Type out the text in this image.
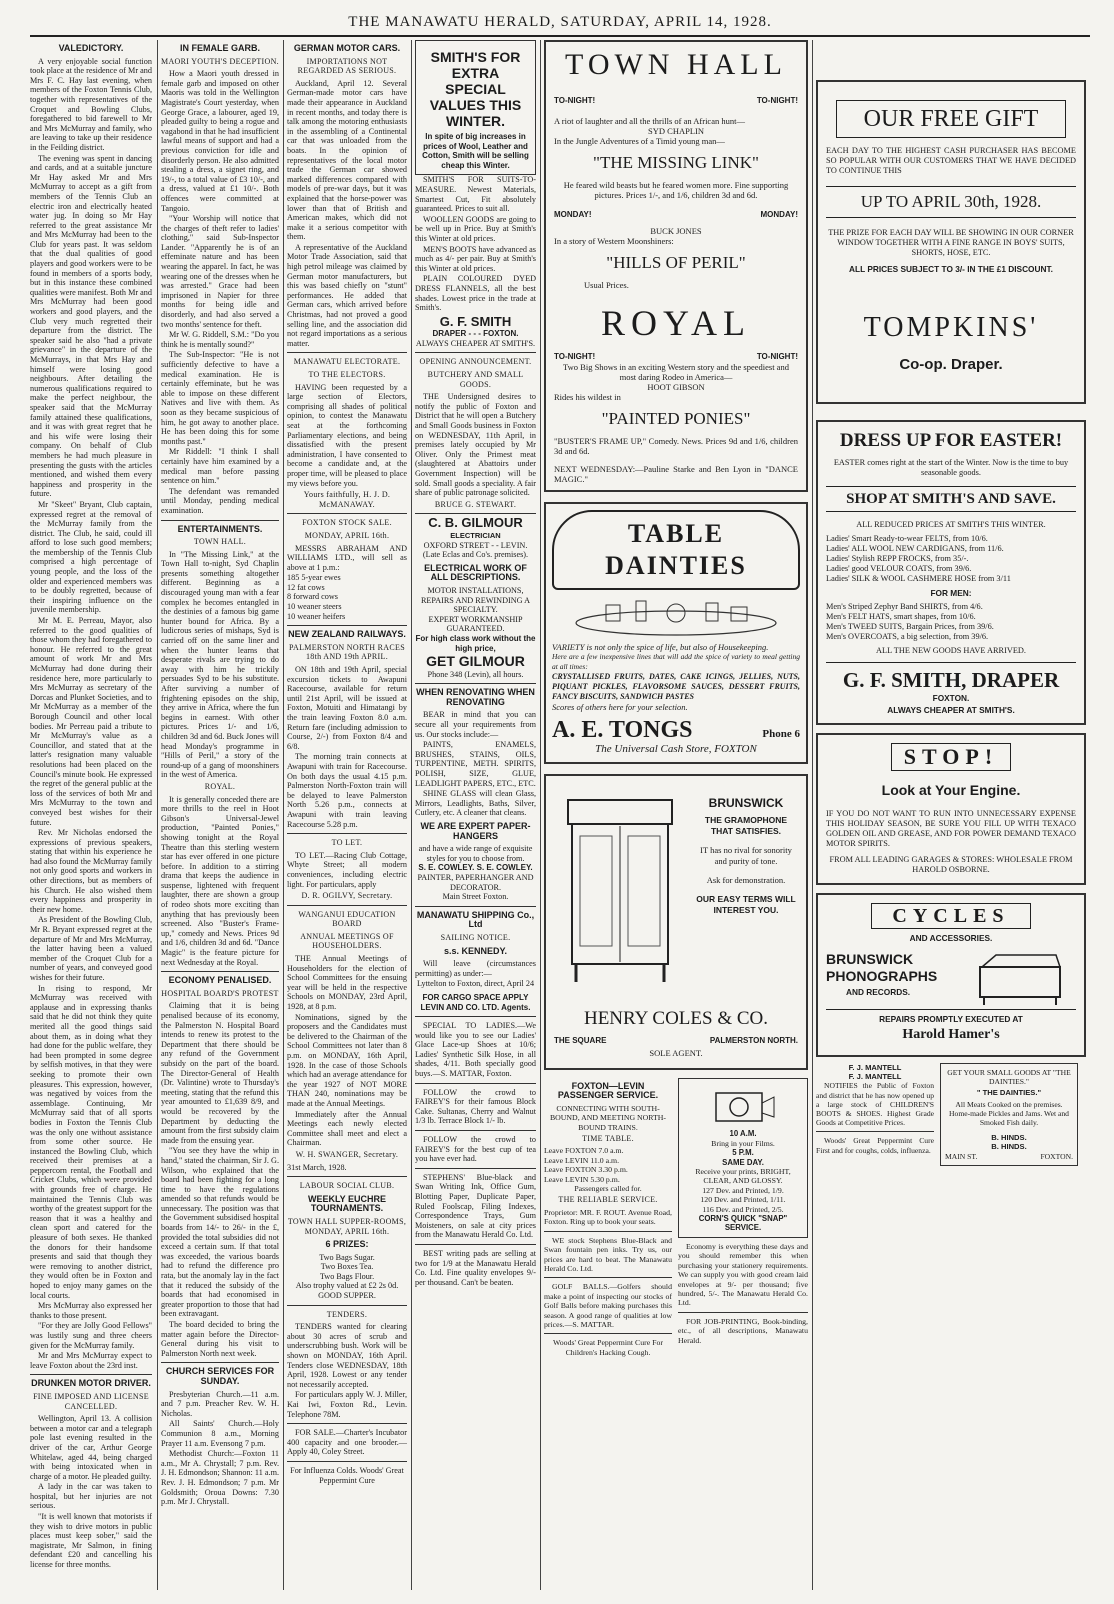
THE MANAWATU HERALD, SATURDAY, APRIL 14, 1928.
VALEDICTORY.

A very enjoyable social function took place at the residence of Mr and Mrs F. C. Hay last evening, when members of the Foxton Tennis Club, together with representatives of the Croquet and Bowling Clubs, foregathered to bid farewell to Mr and Mrs McMurray and family, who are leaving to take up their residence in the Feilding district.

The evening was spent in dancing and cards, and at a suitable juncture Mr Hay asked Mr and Mrs McMurray to accept as a gift from members of the Tennis Club an electric iron and electrically heated water jug. In doing so Mr Hay referred to the great assistance Mr and Mrs McMurray had been to the Club for years past. It was seldom that the dual qualities of good players and good workers were to be found in members of a sports body, but in this instance these combined qualities were manifest. Both Mr and Mrs McMurray had been good workers and good players, and the Club very much regretted their departure from the district. The speaker said he also "had a private grievance" in the departure of the McMurrays, in that Mrs Hay and himself were losing good neighbours. After detailing the numerous qualifications required to make the perfect neighbour, the speaker said that the McMurray family attained these qualifications, and it was with great regret that he and his wife were losing their company. On behalf of Club members he had much pleasure in presenting the gusts with the articles mentioned, and wished them every happiness and prosperity in the future.

Mr "Skeet" Bryant, Club captain, expressed regret at the removal of the McMurray family from the district. The Club, he said, could ill afford to lose such good members; the membership of the Tennis Club comprised a high percentage of young people, and the loss of the older and experienced members was to be doubly regretted, because of their inspiring influence on the juvenile membership.

Mr M. E. Perreau, Mayor, also referred to the good qualities of those whom they had foregathered to honour. He referred to the great amount of work Mr and Mrs McMurray had done during their residence here, more particularly to Mrs McMurray as secretary of the Dorcas and Plunket Societies, and to Mr McMurray as a member of the Borough Council and other local bodies. Mr Perreau paid a tribute to Mr McMurray's value as a Councillor, and stated that at the latter's resignation many valuable resolutions had been placed on the Council's minute book. He expressed the regret of the general public at the loss of the services of both Mr and Mrs McMurray to the town and conveyed best wishes for their future.

Rev. Mr Nicholas endorsed the expressions of previous speakers, stating that within his experience he had also found the McMurray family not only good sports and workers in other directions, but as members of his Church. He also wished them every happiness and prosperity in their new home.

As President of the Bowling Club, Mr R. Bryant expressed regret at the departure of Mr and Mrs McMurray, the latter having been a valued member of the Croquet Club for a number of years, and conveyed good wishes for their future.

In rising to respond, Mr McMurray was received with applause and in expressing thanks said that he did not think they quite merited all the good things said about them, as in doing what they had done for the public welfare, they had been prompted in some degree by selfish motives, in that they were seeking to promote their own pleasures. This expression, however, was negatived by voices from the assemblage. Continuing, Mr McMurray said that of all sports bodies in Foxton the Tennis Club was the only one without assistance from some other source. He instanced the Bowling Club, which received their premises at a peppercorn rental, the Football and Cricket Clubs, which were provided with grounds free of charge. He maintained the Tennis Club was worthy of the greatest support for the reason that it was a healthy and clean sport and catered for the pleasure of both sexes. He thanked the donors for their handsome presents and said that though they were removing to another district, they would often be in Foxton and hoped to enjoy many games on the local courts.

Mrs McMurray also expressed her thanks to those present.

"For they are Jolly Good Fellows" was lustily sung and three cheers given for the McMurray family.

Mr and Mrs McMurray expect to leave Foxton about the 23rd inst.

DRUNKEN MOTOR DRIVER.
FINE IMPOSED AND LICENSE CANCELLED.

Wellington, April 13. A collision between a motor car and a telegraph pole last evening resulted in the driver of the car, Arthur George Whitelaw, aged 44, being charged with being intoxicated when in charge of a motor. He pleaded guilty.

A lady in the car was taken to hospital, but her injuries are not serious.

"It is well known that motorists if they wish to drive motors in public places must keep sober," said the magistrate, Mr Salmon, in fining defendant £20 and cancelling his license for three months.

IN FEMALE GARB.
MAORI YOUTH'S DECEPTION.

How a Maori youth dressed in female garb and imposed on other Maoris was told in the Wellington Magistrate's Court yesterday, when George Grace, a labourer, aged 19, pleaded guilty to being a rogue and vagabond in that he had insufficient lawful means of support and had a previous conviction for idle and disorderly person. He also admitted stealing a dress, a signet ring, and 19/-, to a total value of £3 10/-, and a dress, valued at £1 10/-. Both offences were committed at Tangoio.

"Your Worship will notice that the charges of theft refer to ladies' clothing," said Sub-Inspector Lander. "Apparently he is of an effeminate nature and has been wearing the apparel. In fact, he was wearing one of the dresses when he was arrested." Grace had been imprisoned in Napier for three months for being idle and disorderly, and had also served a two months' sentence for theft.

Mr W. G. Riddell, S.M.: "Do you think he is mentally sound?"

The Sub-Inspector: "He is not sufficiently defective to have a medical examination. He is certainly effeminate, but he was able to impose on these different Natives and live with them. As soon as they became suspicious of him, he got away to another place. He has been doing this for some months past."

Mr Riddell: "I think I shall certainly have him examined by a medical man before passing sentence on him."

The defendant was remanded until Monday, pending medical examination.

ENTERTAINMENTS.
TOWN HALL.

In "The Missing Link," at the Town Hall to-night, Syd Chaplin presents something altogether different. Beginning as a discouraged young man with a fear complex he becomes entangled in the destinies of a famous big game hunter bound for Africa. By a ludicrous series of mishaps, Syd is carried off on the same liner and when the hunter learns that desperate rivals are trying to do away with him he trickily persuades Syd to be his substitute. After surviving a number of frightening episodes on the ship, they arrive in Africa, where the fun begins in earnest. With other pictures. Prices 1/- and 1/6, children 3d and 6d. Buck Jones will head Monday's programme in "Hills of Peril," a story of the round-up of a gang of moonshiners in the west of America.

ROYAL.

It is generally conceded there are more thrills to the reel in Hoot Gibson's Universal-Jewel production, "Painted Ponies," showing tonight at the Royal Theatre than this sterling western star has ever offered in one picture before. In addition to a stirring drama that keeps the audience in suspense, lightened with frequent laughter, there are shown a group of rodeo shots more exciting than anything that has previously been screened. Also "Buster's Frame-up," comedy and News. Prices 9d and 1/6, children 3d and 6d. "Dance Magic" is the feature picture for next Wednesday at the Royal.

ECONOMY PENALISED.
HOSPITAL BOARD'S PROTEST

Claiming that it is being penalised because of its economy, the Palmerston N. Hospital Board intends to renew its protest to the Department that there should be any refund of the Government subsidy on the part of the board. The Director-General of Health (Dr. Valintine) wrote to Thursday's meeting, stating that the refund this year amounted to £1,639 8/9, and would be recovered by the Department by deducting the amount from the first subsidy claim made from the ensuing year.

"You see they have the whip in hand," stated the chairman, Sir J. G. Wilson, who explained that the board had been fighting for a long time to have the regulations amended so that refunds would be unnecessary. The position was that the Government subsidised hospital boards from 14/- to 26/- in the £, provided the total subsidies did not exceed a certain sum. If that total was exceeded, the various boards had to refund the difference pro rata, but the anomaly lay in the fact that it reduced the subsidy of the boards that had economised in greater proportion to those that had been extravagant.

The board decided to bring the matter again before the Director-General during his visit to Palmerston North next week.

CHURCH SERVICES FOR SUNDAY.

Presbyterian Church.—11 a.m. and 7 p.m. Preacher Rev. W. H. Nicholas.

All Saints' Church.—Holy Communion 8 a.m., Morning Prayer 11 a.m. Evensong 7 p.m.

Methodist Church:—Foxton 11 a.m., Mr A. Chrystall; 7 p.m. Rev. J. H. Edmondson; Shannon: 11 a.m. Rev. J. H. Edmondson; 7 p.m. Mr Goldsmith; Oroua Downs: 7.30 p.m. Mr J. Chrystall.

GERMAN MOTOR CARS.
IMPORTATIONS NOT REGARDED AS SERIOUS.

Auckland, April 12. Several German-made motor cars have made their appearance in Auckland in recent months, and today there is talk among the motoring enthusiasts in the assembling of a Continental car that was unloaded from the boats. In the opinion of representatives of the local motor trade the German car showed marked differences compared with models of pre-war days, but it was explained that the horse-power was lower than that of British and American makes, which did not make it a serious competitor with them.

A representative of the Auckland Motor Trade Association, said that high petrol mileage was claimed by German motor manufacturers, but this was based chiefly on "stunt" performances. He added that German cars, which arrived before Christmas, had not proved a good selling line, and the association did not regard importations as a serious matter.

MANAWATU ELECTORATE.
TO THE ELECTORS.

HAVING been requested by a large section of Electors, comprising all shades of political opinion, to contest the Manawatu seat at the forthcoming Parliamentary elections, and being dissatisfied with the present administration, I have consented to become a candidate and, at the proper time, will be pleased to place my views before you.

Yours faithfully, H. J. D. McMANAWAY.
FOXTON STOCK SALE.
MONDAY, APRIL 16th.

MESSRS ABRAHAM AND WILLIAMS LTD., will sell as above at 1 p.m.:

185 5-year ewes
12 fat cows
8 forward cows
10 weaner steers
10 weaner heifers
NEW ZEALAND RAILWAYS.
PALMERSTON NORTH RACES 18th AND 19th APRIL.

ON 18th and 19th April, special excursion tickets to Awapuni Racecourse, available for return until 21st April, will be issued at Foxton, Motuiti and Himatangi by the train leaving Foxton 8.0 a.m. Return fare (including admission to Course, 2/-) from Foxton 8/4 and 6/8.

The morning train connects at Awapuni with train for Racecourse. On both days the usual 4.15 p.m. Palmerston North-Foxton train will be delayed to leave Palmerston North 5.26 p.m., connects at Awapuni with train leaving Racecourse 5.28 p.m.

TO LET.

TO LET.—Racing Club Cottage, Whyte Street; all modern conveniences, including electric light. For particulars, apply

D. R. OGILVY, Secretary.
WANGANUI EDUCATION BOARD
ANNUAL MEETINGS OF HOUSEHOLDERS.

THE Annual Meetings of Householders for the election of School Committees for the ensuing year will be held in the respective Schools on MONDAY, 23rd April, 1928, at 8 p.m.

Nominations, signed by the proposers and the Candidates must be delivered to the Chairman of the School Committees not later than 8 p.m. on MONDAY, 16th April, 1928. In the case of those Schools which had an average attendance for the year 1927 of NOT MORE THAN 240, nominations may be made at the Annual Meetings.

Immediately after the Annual Meetings each newly elected Committee shall meet and elect a Chairman.

W. H. SWANGER, Secretary.
31st March, 1928.
LABOUR SOCIAL CLUB.
WEEKLY EUCHRE TOURNAMENTS.
TOWN HALL SUPPER-ROOMS, MONDAY, APRIL 16th.
6 PRIZES:
Two Bags Sugar.
Two Boxes Tea.
Two Bags Flour.
Also trophy valued at £2 2s 0d. GOOD SUPPER.
TENDERS.

TENDERS wanted for clearing about 30 acres of scrub and underscrubbing bush. Work will be shown on MONDAY, 16th April. Tenders close WEDNESDAY, 18th April, 1928. Lowest or any tender not necessarily accepted.

For particulars apply W. J. Miller, Kai Iwi, Foxton Rd., Levin. Telephone 78M.

FOR SALE.—Charter's Incubator 400 capacity and one brooder.—Apply 40, Coley Street.

For Influenza Colds. Woods' Great Peppermint Cure
SMITH'S FOR EXTRA SPECIAL VALUES THIS WINTER.
In spite of big increases in prices of Wool, Leather and Cotton, Smith will be selling cheap this Winter.

SMITH'S FOR SUITS-TO-MEASURE. Newest Materials, Smartest Cut, Fit absolutely guaranteed. Prices to suit all.

WOOLLEN GOODS are going to be well up in Price. Buy at Smith's this Winter at old prices.

MEN'S BOOTS have advanced as much as 4/- per pair. Buy at Smith's this Winter at old prices.

PLAIN COLOURED DYED DRESS FLANNELS, all the best shades. Lowest price in the trade at Smith's.

G. F. SMITH
DRAPER - - - FOXTON.
ALWAYS CHEAPER AT SMITH'S.
OPENING ANNOUNCEMENT.
BUTCHERY AND SMALL GOODS.

THE Undersigned desires to notify the public of Foxton and District that he will open a Butchery and Small Goods business in Foxton on WEDNESDAY, 11th April, in premises lately occupied by Mr Oliver. Only the Primest meat (slaughtered at Abattoirs under Government Inspection) will be sold. Small goods a speciality. A fair share of public patronage solicited.

BRUCE G. STEWART.
C. B. GILMOUR
ELECTRICIAN
OXFORD STREET - - LEVIN. (Late Eclas and Co's. premises).
ELECTRICAL WORK OF ALL DESCRIPTIONS.
MOTOR INSTALLATIONS, REPAIRS AND REWINDING A SPECIALTY.
EXPERT WORKMANSHIP GUARANTEED.
For high class work without the high price,
GET GILMOUR
Phone 348 (Levin), all hours.
WHEN RENOVATING WHEN RENOVATING

BEAR in mind that you can secure all your requirements from us. Our stocks include:—

PAINTS, ENAMELS, BRUSHES, STAINS, OILS, TURPENTINE, METH. SPIRITS, POLISH, SIZE, GLUE, LEADLIGHT PAPERS, ETC., ETC.

SHINE GLASS will clean Glass, Mirrors, Leadlights, Baths, Silver, Cutlery, etc. A cleaner that cleans.

WE ARE EXPERT PAPER-HANGERS
and have a wide range of exquisite styles for you to choose from.
S. E. COWLEY. S. E. COWLEY.
PAINTER, PAPERHANGER AND DECORATOR.
Main Street Foxton.
MANAWATU SHIPPING Co., Ltd
SAILING NOTICE.
s.s. KENNEDY.

Will leave (circumstances permitting) as under:—

Lyttelton to Foxton, direct, April 24
FOR CARGO SPACE APPLY LEVIN AND CO. LTD. Agents.

SPECIAL TO LADIES.—We would like you to see our Ladies' Glace Lace-up Shoes at 10/6; Ladies' Synthetic Silk Hose, in all shades, 4/11. Both specially good buys.—S. MATTAR, Foxton.

FOLLOW the crowd to FAIREY'S for their famous Block Cake. Sultanas, Cherry and Walnut 1/3 lb. Terrace Block 1/- lb.

FOLLOW the crowd to FAIREY'S for the best cup of tea you have ever had.

STEPHENS' Blue-black and Swan Writing Ink, Office Gum, Blotting Paper, Duplicate Paper, Ruled Foolscap, Filing Indexes, Correspondence Trays, Gum Moisteners, on sale at city prices from the Manawatu Herald Co. Ltd.

BEST writing pads are selling at two for 1/9 at the Manawatu Herald Co. Ltd. Fine quality envelopes 9/- per thousand. Can't be beaten.

TOWN HALL
TO-NIGHT!	TO-NIGHT!
A riot of laughter and all the thrills of an African hunt—
SYD CHAPLIN
In the Jungle Adventures of a Timid young man—
"THE MISSING LINK"
He feared wild beasts but he feared women more. Fine supporting pictures. Prices 1/-, and 1/6, children 3d and 6d.
MONDAY!	MONDAY!
BUCK JONES
In a story of Western Moonshiners:
"HILLS OF PERIL"
Usual Prices.
ROYAL
TO-NIGHT!	TO-NIGHT!
Two Big Shows in an exciting Western story and the speediest and most daring Rodeo in America—
HOOT GIBSON
Rides his wildest in
"PAINTED PONIES"
"BUSTER'S FRAME UP," Comedy. News. Prices 9d and 1/6, children 3d and 6d.
NEXT WEDNESDAY:—Pauline Starke and Ben Lyon in "DANCE MAGIC."
TABLE DAINTIES
VARIETY is not only the spice of life, but also of Housekeeping.
Here are a few inexpensive lines that will add the spice of variety to meal getting at all times:
CRYSTALLISED FRUITS, DATES, CAKE ICINGS, JELLIES, NUTS, PIQUANT PICKLES, FLAVORSOME SAUCES, DESSERT FRUITS, FANCY BISCUITS, SANDWICH PASTES
Scores of others here for your selection.
A. E. TONGS	Phone 6
The Universal Cash Store, FOXTON
BRUNSWICK
THE GRAMOPHONE THAT SATISFIES.
IT has no rival for sonority and purity of tone.
Ask for demonstration.
OUR EASY TERMS WILL INTEREST YOU.
HENRY COLES & CO.
THE SQUARE	PALMERSTON NORTH.
SOLE AGENT.
FOXTON—LEVIN PASSENGER SERVICE.
CONNECTING WITH SOUTH-BOUND, AND MEETING NORTH-BOUND TRAINS.
TIME TABLE.
Leave FOXTON 7.0 a.m.
Leave LEVIN 11.0 a.m.
Leave FOXTON 3.30 p.m.
Leave LEVIN 5.30 p.m.
Passengers called for.
THE RELIABLE SERVICE.
Proprietor: MR. F. ROUT. Avenue Road, Foxton. Ring up to book your seats.

WE stock Stephens Blue-Black and Swan fountain pen inks. Try us, our prices are hard to beat. The Manawatu Herald Co. Ltd.

GOLF BALLS.—Golfers should make a point of inspecting our stocks of Golf Balls before making purchases this season. A good range of qualities at low prices.—S. MATTAR.

Woods' Great Peppermint Cure For Children's Hacking Cough.
10 A.M.
Bring in your Films.
5 P.M.
SAME DAY.
Receive your prints, BRIGHT, CLEAR, AND GLOSSY.
127 Dev. and Printed, 1/9.
120 Dev. and Printed, 1/11.
116 Dev. and Printed, 2/5.
CORN'S QUICK "SNAP" SERVICE.

Economy is everything these days and you should remember this when purchasing your stationery requirements. We can supply you with good cream laid envelopes at 9/- per thousand; five hundred, 5/-. The Manawatu Herald Co. Ltd.

FOR JOB-PRINTING, Book-binding, etc., of all descriptions, Manawatu Herald.

OUR FREE GIFT
EACH DAY TO THE HIGHEST CASH PURCHASER HAS BECOME SO POPULAR WITH OUR CUSTOMERS THAT WE HAVE DECIDED TO CONTINUE THIS
UP TO APRIL 30th, 1928.
THE PRIZE FOR EACH DAY WILL BE SHOWING IN OUR CORNER WINDOW TOGETHER WITH A FINE RANGE IN BOYS' SUITS, SHORTS, HOSE, ETC.
ALL PRICES SUBJECT TO 3/- IN THE £1 DISCOUNT.
TOMPKINS'
Co-op. Draper.
DRESS UP FOR EASTER!
EASTER comes right at the start of the Winter. Now is the time to buy seasonable goods.
SHOP AT SMITH'S AND SAVE.
ALL REDUCED PRICES AT SMITH'S THIS WINTER.
Ladies' Smart Ready-to-wear FELTS, from 10/6.
Ladies' ALL WOOL NEW CARDIGANS, from 11/6.
Ladies' Stylish REPP FROCKS, from 35/-.
Ladies' good VELOUR COATS, from 39/6.
Ladies' SILK & WOOL CASHMERE HOSE from 3/11
FOR MEN:
Men's Striped Zephyr Band SHIRTS, from 4/6.
Men's FELT HATS, smart shapes, from 10/6.
Men's TWEED SUITS, Bargain Prices, from 39/6.
Men's OVERCOATS, a big selection, from 39/6.
ALL THE NEW GOODS HAVE ARRIVED.
G. F. SMITH, DRAPER
FOXTON.
ALWAYS CHEAPER AT SMITH'S.
STOP!
Look at Your Engine.
IF YOU DO NOT WANT TO RUN INTO UNNECESSARY EXPENSE THIS HOLIDAY SEASON, BE SURE YOU FILL UP WITH TEXACO GOLDEN OIL AND GREASE, AND FOR POWER DEMAND TEXACO MOTOR SPIRITS.
FROM ALL LEADING GARAGES & STORES: WHOLESALE FROM HAROLD OSBORNE.
CYCLES
AND ACCESSORIES.
BRUNSWICK PHONOGRAPHS
AND RECORDS.
REPAIRS PROMPTLY EXECUTED AT
Harold Hamer's
F. J. MANTELL
F. J. MANTELL

NOTIFIES the Public of Foxton and district that he has now opened up a large stock of CHILDREN'S BOOTS & SHOES. Highest Grade Goods at Competitive Prices.

Woods' Great Peppermint Cure First and for coughs, colds, influenza.

GET YOUR SMALL GOODS AT "THE DAINTIES."
" THE DAINTIES."
All Meats Cooked on the premises. Home-made Pickles and Jams. Wet and Smoked Fish daily.
B. HINDS.
B. HINDS.
MAIN ST.	FOXTON.
